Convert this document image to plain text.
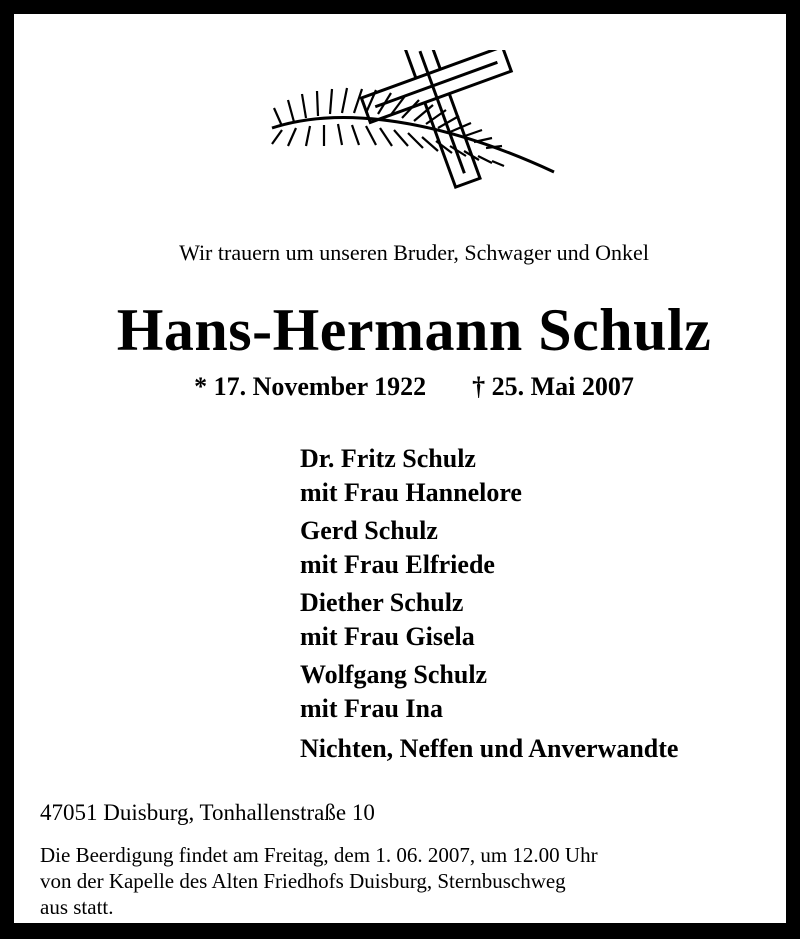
Wir trauern um unseren Bruder, Schwager und Onkel
Hans-Hermann Schulz
* 17. November 1922 † 25. Mai 2007
Dr. Fritz Schulz
mit Frau Hannelore
Gerd Schulz
mit Frau Elfriede
Diether Schulz
mit Frau Gisela
Wolfgang Schulz
mit Frau Ina
Nichten, Neffen und Anverwandte
47051 Duisburg, Tonhallenstraße 10
Die Beerdigung findet am Freitag, dem 1. 06. 2007, um 12.00 Uhr
von der Kapelle des Alten Friedhofs Duisburg, Sternbuschweg
aus statt.
